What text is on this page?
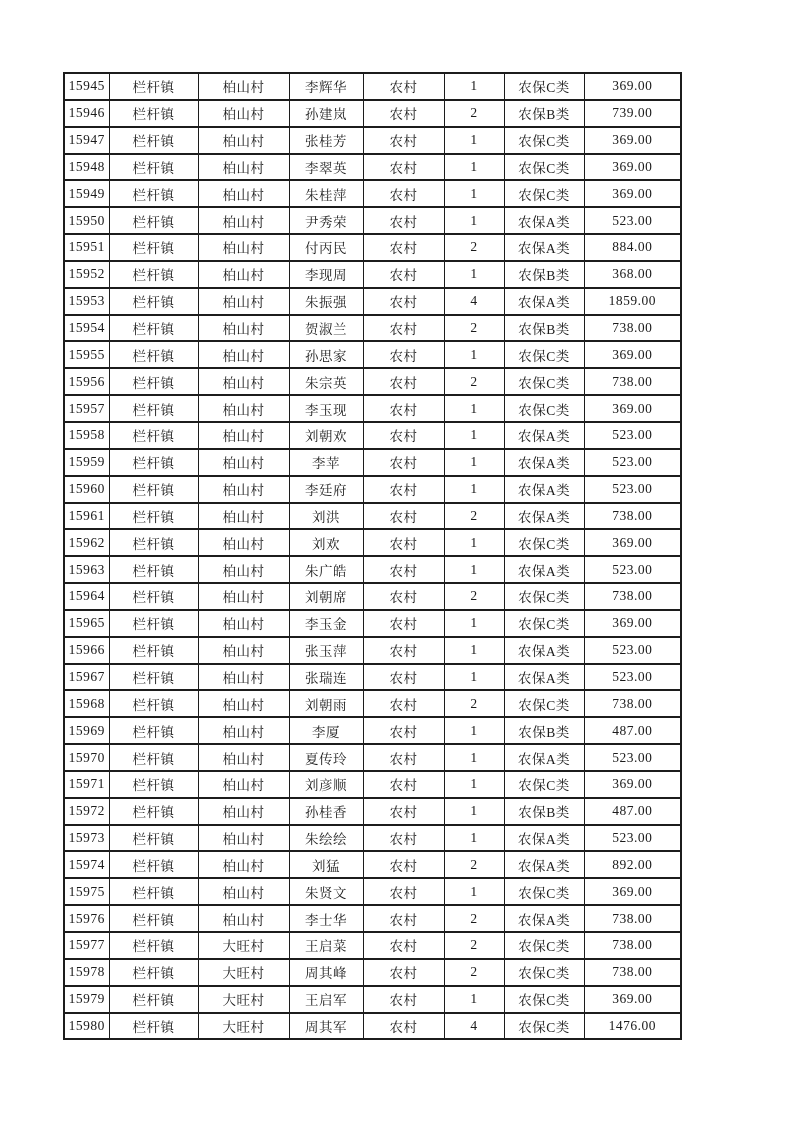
15945	栏杆镇	柏山村	李辉华	农村	1	农保C类	369.00
15946	栏杆镇	柏山村	孙建岚	农村	2	农保B类	739.00
15947	栏杆镇	柏山村	张桂芳	农村	1	农保C类	369.00
15948	栏杆镇	柏山村	李翠英	农村	1	农保C类	369.00
15949	栏杆镇	柏山村	朱桂萍	农村	1	农保C类	369.00
15950	栏杆镇	柏山村	尹秀荣	农村	1	农保A类	523.00
15951	栏杆镇	柏山村	付丙民	农村	2	农保A类	884.00
15952	栏杆镇	柏山村	李现周	农村	1	农保B类	368.00
15953	栏杆镇	柏山村	朱振强	农村	4	农保A类	1859.00
15954	栏杆镇	柏山村	贺淑兰	农村	2	农保B类	738.00
15955	栏杆镇	柏山村	孙思家	农村	1	农保C类	369.00
15956	栏杆镇	柏山村	朱宗英	农村	2	农保C类	738.00
15957	栏杆镇	柏山村	李玉现	农村	1	农保C类	369.00
15958	栏杆镇	柏山村	刘朝欢	农村	1	农保A类	523.00
15959	栏杆镇	柏山村	李苹	农村	1	农保A类	523.00
15960	栏杆镇	柏山村	李廷府	农村	1	农保A类	523.00
15961	栏杆镇	柏山村	刘洪	农村	2	农保A类	738.00
15962	栏杆镇	柏山村	刘欢	农村	1	农保C类	369.00
15963	栏杆镇	柏山村	朱广皓	农村	1	农保A类	523.00
15964	栏杆镇	柏山村	刘朝席	农村	2	农保C类	738.00
15965	栏杆镇	柏山村	李玉金	农村	1	农保C类	369.00
15966	栏杆镇	柏山村	张玉萍	农村	1	农保A类	523.00
15967	栏杆镇	柏山村	张瑞连	农村	1	农保A类	523.00
15968	栏杆镇	柏山村	刘朝雨	农村	2	农保C类	738.00
15969	栏杆镇	柏山村	李厦	农村	1	农保B类	487.00
15970	栏杆镇	柏山村	夏传玲	农村	1	农保A类	523.00
15971	栏杆镇	柏山村	刘彦顺	农村	1	农保C类	369.00
15972	栏杆镇	柏山村	孙桂香	农村	1	农保B类	487.00
15973	栏杆镇	柏山村	朱绘绘	农村	1	农保A类	523.00
15974	栏杆镇	柏山村	刘猛	农村	2	农保A类	892.00
15975	栏杆镇	柏山村	朱贤文	农村	1	农保C类	369.00
15976	栏杆镇	柏山村	李士华	农村	2	农保A类	738.00
15977	栏杆镇	大旺村	王启菜	农村	2	农保C类	738.00
15978	栏杆镇	大旺村	周其峰	农村	2	农保C类	738.00
15979	栏杆镇	大旺村	王启军	农村	1	农保C类	369.00
15980	栏杆镇	大旺村	周其军	农村	4	农保C类	1476.00
